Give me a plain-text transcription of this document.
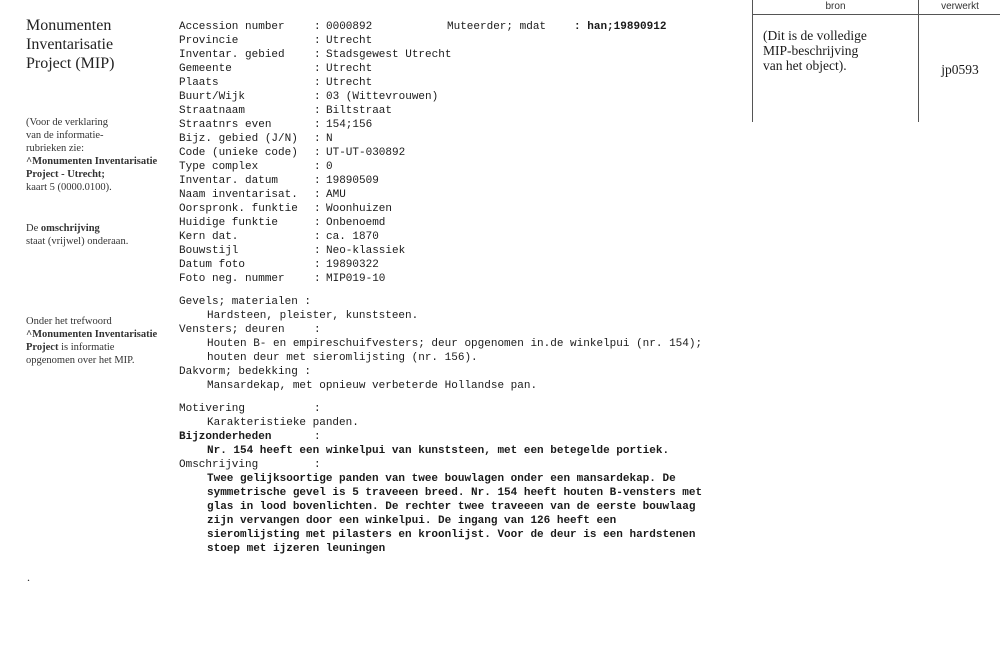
Monumenten
Inventarisatie
Project (MIP)

(Voor de verklaring
van de informatie-
rubrieken zie:
^Monumenten Inventarisatie
Project - Utrecht;
kaart 5 (0000.0100).
De omschrijving
staat (vrijwel) onderaan.
Onder het trefwoord
^Monumenten Inventarisatie
Project is informatie
opgenomen over het MIP.
.
Muteerder; mdat	: han;19890912
Accession number	: 0000892
Provincie	: Utrecht
Inventar. gebied	: Stadsgewest Utrecht
Gemeente	: Utrecht
Plaats	: Utrecht
Buurt/Wijk	: 03 (Wittevrouwen)
Straatnaam	: Biltstraat
Straatnrs even	: 154;156
Bijz. gebied (J/N)	: N
Code (unieke code)	: UT-UT-030892
Type complex	: 0
Inventar. datum	: 19890509
Naam inventarisat.	: AMU
Oorspronk. funktie	: Woonhuizen
Huidige funktie	: Onbenoemd
Kern dat.	: ca. 1870
Bouwstijl	: Neo-klassiek
Datum foto	: 19890322
Foto neg. nummer	: MIP019-10
Gevels; materialen :
Hardsteen, pleister, kunststeen.
Vensters; deuren	:
Houten B- en empireschuifvesters; deur opgenomen in.de winkelpui (nr. 154);
houten deur met sieromlijsting (nr. 156).
Dakvorm; bedekking :
Mansardekap, met opnieuw verbeterde Hollandse pan.
Motivering	:
Karakteristieke panden.
Bijzonderheden	:
Nr. 154 heeft een winkelpui van kunststeen, met een betegelde portiek.
Omschrijving	:
Twee gelijksoortige panden van twee bouwlagen onder een mansardekap. De
symmetrische gevel is 5 traveeen breed. Nr. 154 heeft houten B-vensters met
glas in lood bovenlichten. De rechter twee traveeen van de eerste bouwlaag
zijn vervangen door een winkelpui. De ingang van 126 heeft een
sieromlijsting met pilasters en kroonlijst. Voor de deur is een hardstenen
stoep met ijzeren leuningen
bron	verwerkt
(Dit is de volledige
MIP-beschrijving
van het object).	jp0593
